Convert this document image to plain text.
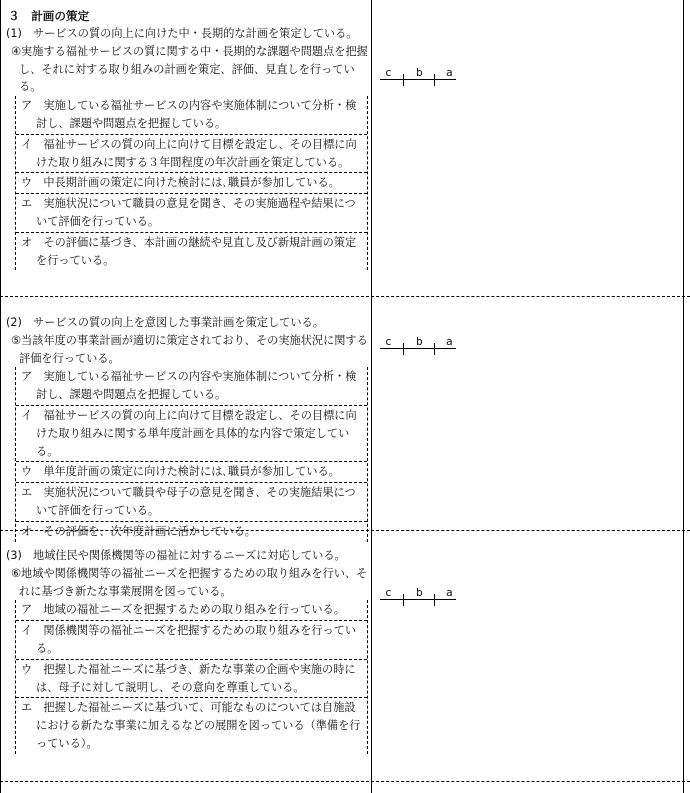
３　計画の策定
(1)　サービスの質の向上に向けた中・長期的な計画を策定している。
④実施する福祉サービスの質に関する中・長期的な課題や問題点を把握し、それに対する取り組みの計画を策定、評価、見直しを行っている。
ア　実施している福祉サービスの内容や実施体制について分析・検討し、課題や問題点を把握している。
イ　福祉サービスの質の向上に向けて目標を設定し、その目標に向けた取り組みに関する３年間程度の年次計画を策定している。
ウ　中長期計画の策定に向けた検討には､職員が参加している。
エ　実施状況について職員の意見を聞き、その実施過程や結果について評価を行っている。
オ　その評価に基づき、本計画の継続や見直し及び新規計画の策定を行っている。
c b a
(2)　サービスの質の向上を意図した事業計画を策定している。
⑤当該年度の事業計画が適切に策定されており、その実施状況に関する評価を行っている。
ア　実施している福祉サービスの内容や実施体制について分析・検討し、課題や問題点を把握している。
イ　福祉サービスの質の向上に向けて目標を設定し、その目標に向けた取り組みに関する単年度計画を具体的な内容で策定している。
ウ　単年度計画の策定に向けた検討には､職員が参加している。
エ　実施状況について職員や母子の意見を聞き、その実施結果について評価を行っている。
オ　その評価を、次年度計画に活かしている。
c b a
(3)　地域住民や関係機関等の福祉に対するニーズに対応している。
⑥地域や関係機関等の福祉ニーズを把握するための取り組みを行い、それに基づき新たな事業展開を図っている。
ア　地域の福祉ニーズを把握するための取り組みを行っている。
イ　関係機関等の福祉ニーズを把握するための取り組みを行っている。
ウ　把握した福祉ニーズに基づき、新たな事業の企画や実施の時には、母子に対して説明し、その意向を尊重している。
エ　把握した福祉ニーズに基づいて、可能なものについては自施設における新たな事業に加えるなどの展開を図っている（準備を行っている）。
c b a
